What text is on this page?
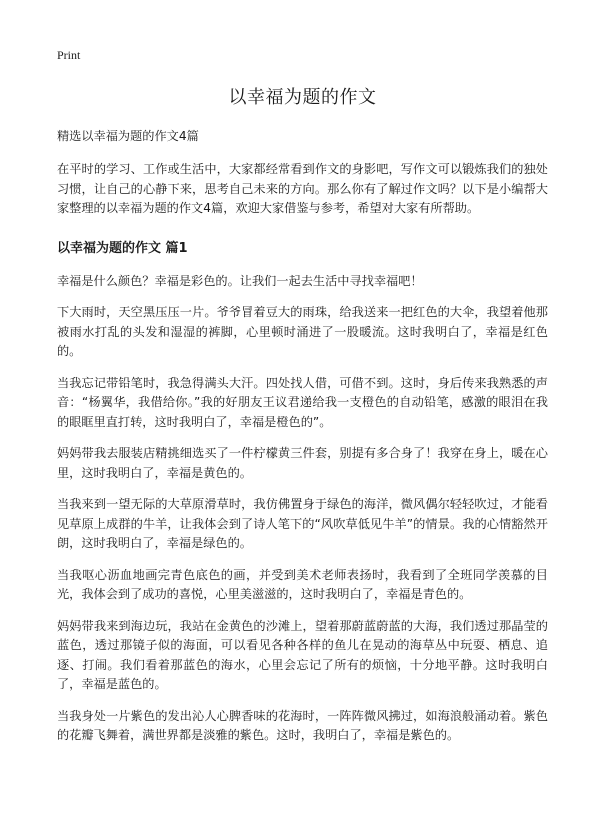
Print

以幸福为题的作文

精选以幸福为题的作文4篇

在平时的学习、工作或生活中，大家都经常看到作文的身影吧，写作文可以锻炼我们的独处习惯，让自己的心静下来，思考自己未来的方向。那么你有了解过作文吗？以下是小编帮大家整理的以幸福为题的作文4篇，欢迎大家借鉴与参考，希望对大家有所帮助。

以幸福为题的作文 篇1

幸福是什么颜色？幸福是彩色的。让我们一起去生活中寻找幸福吧！

下大雨时，天空黑压压一片。爷爷冒着豆大的雨珠，给我送来一把红色的大伞，我望着他那被雨水打乱的头发和湿湿的裤脚，心里顿时涌进了一股暖流。这时我明白了，幸福是红色的。

当我忘记带铅笔时，我急得满头大汗。四处找人借，可借不到。这时，身后传来我熟悉的声音：“杨翼华，我借给你。”我的好朋友王议君递给我一支橙色的自动铅笔，感激的眼泪在我的眼眶里直打转，这时我明白了，幸福是橙色的”。

妈妈带我去服装店精挑细选买了一件柠檬黄三件套，别提有多合身了！我穿在身上，暖在心里，这时我明白了，幸福是黄色的。

当我来到一望无际的大草原滑草时，我仿佛置身于绿色的海洋，微风偶尔轻轻吹过，才能看见草原上成群的牛羊，让我体会到了诗人笔下的“风吹草低见牛羊”的情景。我的心情豁然开朗，这时我明白了，幸福是绿色的。

当我呕心沥血地画完青色底色的画，并受到美术老师表扬时，我看到了全班同学羡慕的目光，我体会到了成功的喜悦，心里美滋滋的，这时我明白了，幸福是青色的。

妈妈带我来到海边玩，我站在金黄色的沙滩上，望着那蔚蓝蔚蓝的大海，我们透过那晶莹的蓝色，透过那镜子似的海面，可以看见各种各样的鱼儿在晃动的海草丛中玩耍、栖息、追逐、打闹。我们看着那蓝色的海水，心里会忘记了所有的烦恼，十分地平静。这时我明白了，幸福是蓝色的。

当我身处一片紫色的发出沁人心脾香味的花海时，一阵阵微风拂过，如海浪般涌动着。紫色的花瓣飞舞着，满世界都是淡雅的紫色。这时，我明白了，幸福是紫色的。
